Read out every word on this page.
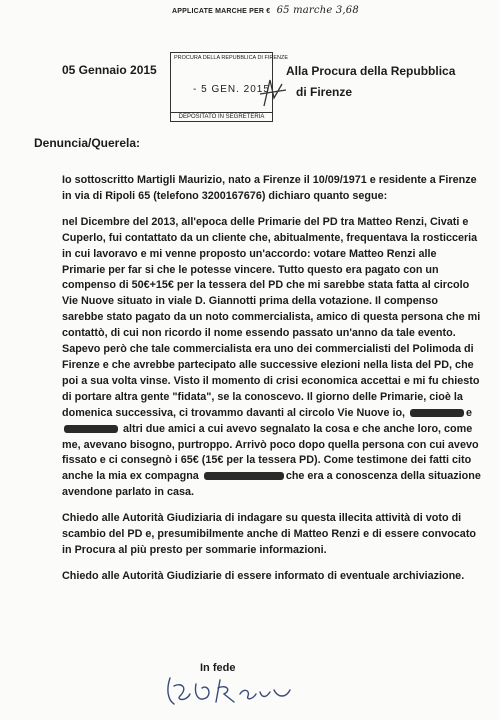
APPLICATE MARCHE PER € 65 marche 3,68
05 Gennaio 2015
PROCURA DELLA REPUBBLICA DI FIRENZE
- 5 GEN. 2015
DEPOSITATO IN SEGRETERIA
Alla Procura della Repubblica
di Firenze
Denuncia/Querela:

Io sottoscritto Martigli Maurizio, nato a Firenze il 10/09/1971 e residente a Firenze in via di Ripoli 65 (telefono 3200167676) dichiaro quanto segue:

nel Dicembre del 2013, all'epoca delle Primarie del PD tra Matteo Renzi, Civati e Cuperlo, fui contattato da un cliente che, abitualmente, frequentava la rosticceria in cui lavoravo e mi venne proposto un'accordo: votare Matteo Renzi alle Primarie per far si che le potesse vincere. Tutto questo era pagato con un compenso di 50€+15€ per la tessera del PD che mi sarebbe stata fatta al circolo Vie Nuove situato in viale D. Giannotti prima della votazione. Il compenso sarebbe stato pagato da un noto commercialista, amico di questa persona che mi contattò, di cui non ricordo il nome essendo passato un'anno da tale evento. Sapevo però che tale commercialista era uno dei commercialisti del Polimoda di Firenze e che avrebbe partecipato alle successive elezioni nella lista del PD, che poi a sua volta vinse. Visto il momento di crisi economica accettai e mi fu chiesto di portare altra gente "fidata", se la conoscevo. Il giorno delle Primarie, cioè la domenica successiva, ci trovammo davanti al circolo Vie Nuove io,	e  altri due amici a cui avevo segnalato la cosa e che anche loro, come me, avevano bisogno, purtroppo. Arrivò poco dopo quella persona con cui avevo fissato e ci consegnò i 65€ (15€ per la tessera PD). Come testimone dei fatti cito anche la mia ex compagna	che era a conoscenza della situazione avendone parlato in casa.

Chiedo alle Autorità Giudiziaria di indagare su questa illecita attività di voto di scambio del PD e, presumibilmente anche di Matteo Renzi e di essere convocato in Procura al più presto per sommarie informazioni.

Chiedo alle Autorità Giudiziarie di essere informato di eventuale archiviazione.

In fede
